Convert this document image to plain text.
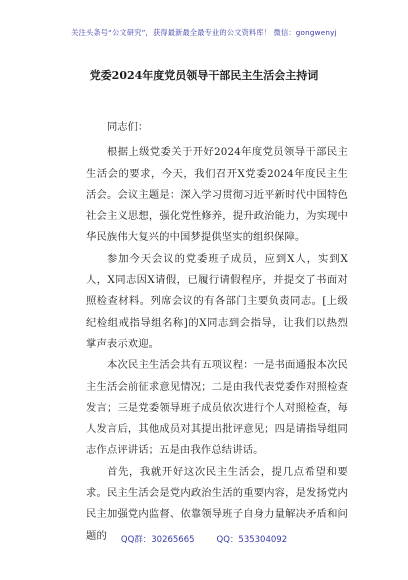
关注头条号“公文研究”，获得最新最全最专业的公文资料库！ 微信：gongwenyj
党委2024年度党员领导干部民主生活会主持词

同志们：

根据上级党委关于开好2024年度党员领导干部民主生活会的要求，今天，我们召开X党委2024年度民主生活会。会议主题是：深入学习贯彻习近平新时代中国特色社会主义思想，强化党性修养，提升政治能力，为实现中华民族伟大复兴的中国梦提供坚实的组织保障。

参加今天会议的党委班子成员，应到X人，实到X人，X同志因X请假，已履行请假程序，并提交了书面对照检查材料。列席会议的有各部门主要负责同志。[上级纪检组戒指导组名称]的X同志到会指导，让我们以热烈掌声表示欢迎。

本次民主生活会共有五项议程：一是书面通报本次民主生活会前征求意见情况；二是由我代表党委作对照检查发言；三是党委领导班子成员依次进行个人对照检查，每人发言后，其他成员对其提出批评意见；四是请指导组同志作点评讲话；五是由我作总结讲话。

首先，我就开好这次民主生活会，提几点希望和要求。民主生活会是党内政治生活的重要内容，是发扬党内民主加强党内监督、依靠领导班子自身力量解决矛盾和问题的	QQ群：30265665	QQ：535304092
